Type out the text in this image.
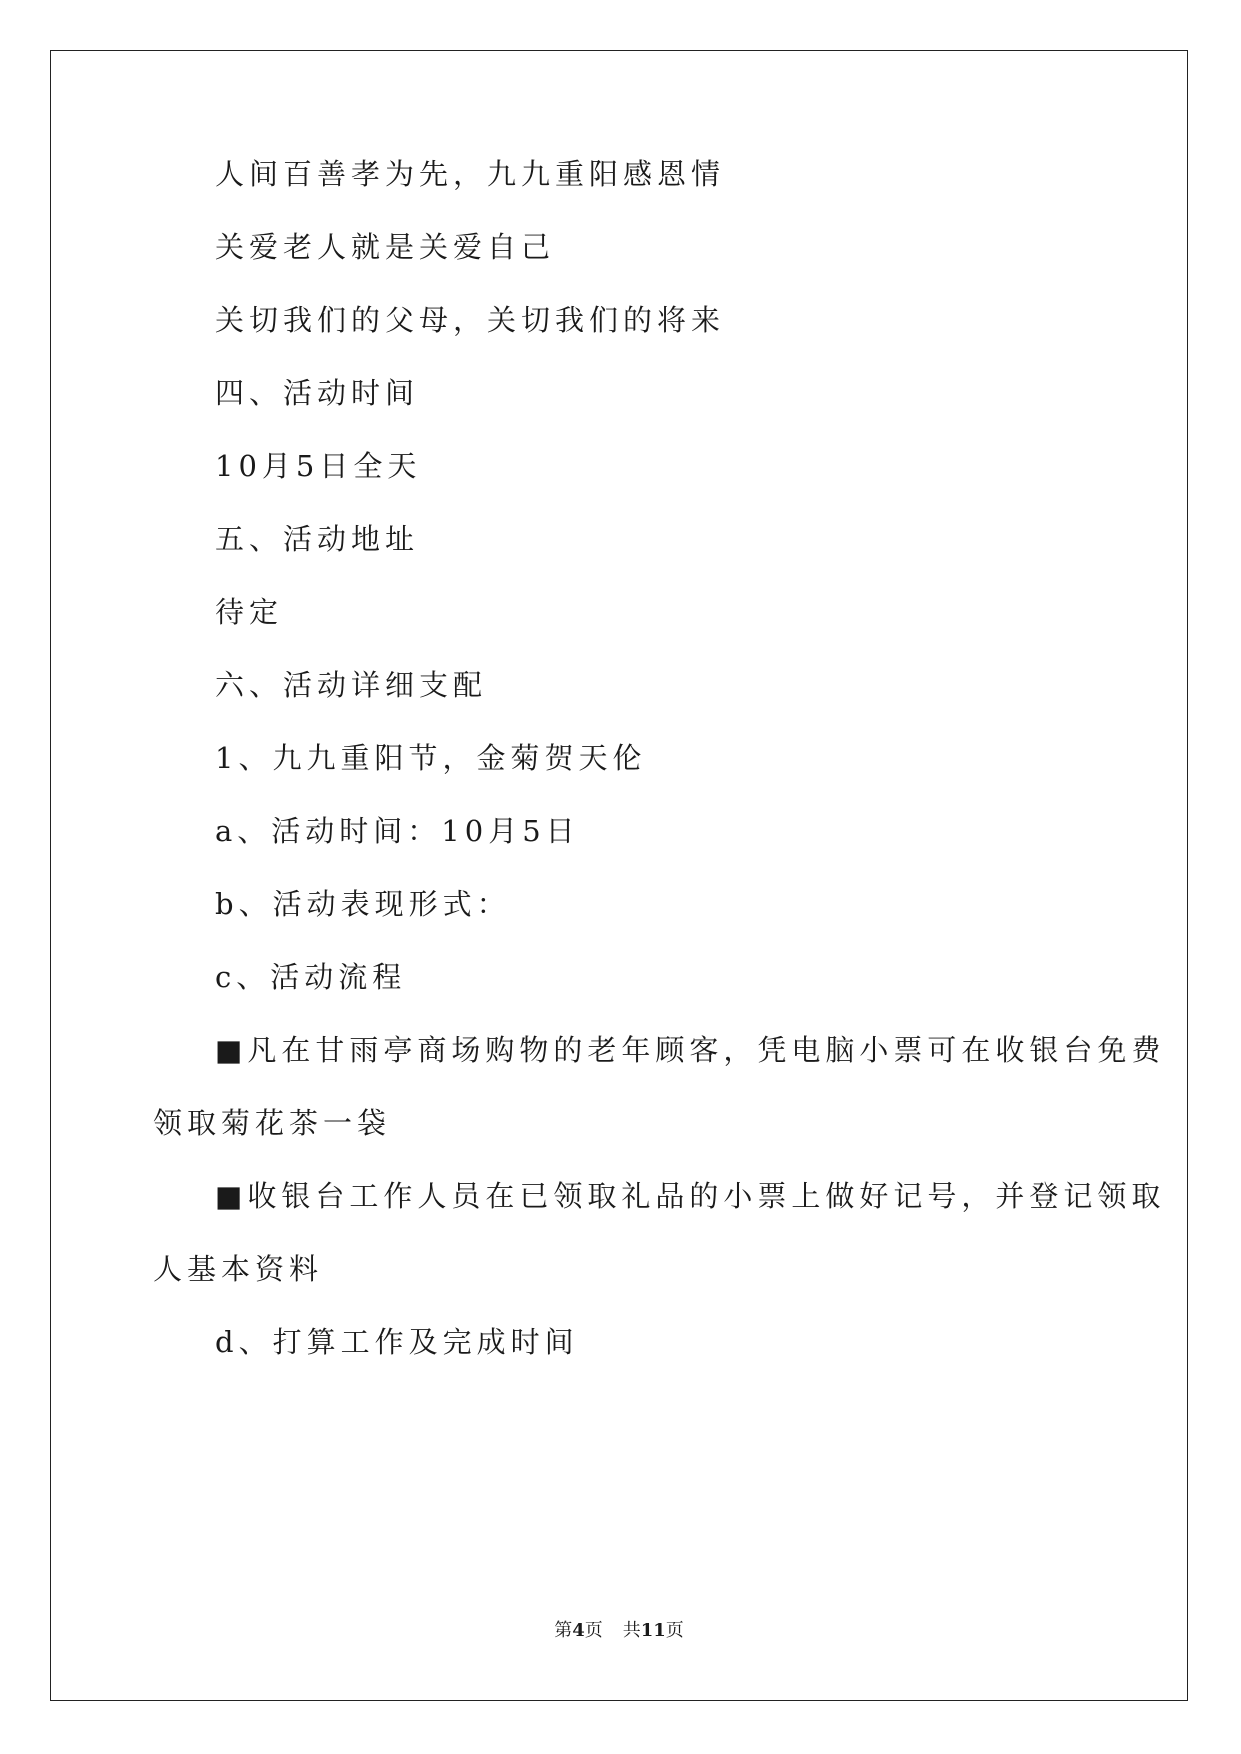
人间百善孝为先，九九重阳感恩情
关爱老人就是关爱自己
关切我们的父母，关切我们的将来
四、活动时间
10月5日全天
五、活动地址
待定
六、活动详细支配
1、九九重阳节，金菊贺天伦
a、活动时间：10月5日
b、活动表现形式：
c、活动流程
■凡在甘雨亭商场购物的老年顾客，凭电脑小票可在收银台免费
领取菊花茶一袋
■收银台工作人员在已领取礼品的小票上做好记号，并登记领取
人基本资料
d、打算工作及完成时间
第4页 共11页
